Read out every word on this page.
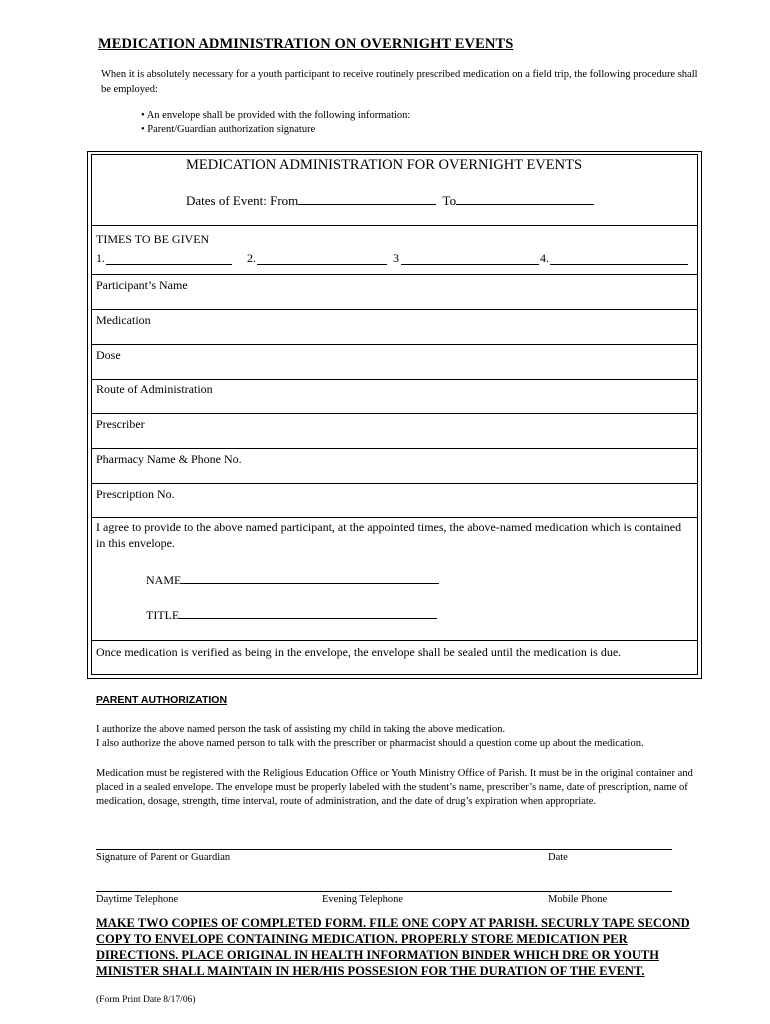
MEDICATION ADMINISTRATION ON OVERNIGHT EVENTS
When it is absolutely necessary for a youth participant to receive routinely prescribed medication on a field trip, the following procedure shall be employed:
• An envelope shall be provided with the following information:
• Parent/Guardian authorization signature
MEDICATION ADMINISTRATION FOR OVERNIGHT EVENTS
Dates of Event: From	To
TIMES TO BE GIVEN
1.	2.	3	4.
Participant’s Name
Medication
Dose
Route of Administration
Prescriber
Pharmacy Name & Phone No.
Prescription No.
I agree to provide to the above named participant, at the appointed times, the above-named medication which is contained in this envelope.
NAME
TITLE
Once medication is verified as being in the envelope, the envelope shall be sealed until the medication is due.
PARENT AUTHORIZATION
I authorize the above named person the task of assisting my child in taking the above medication.
I also authorize the above named person to talk with the prescriber or pharmacist should a question come up about the medication.
Medication must be registered with the Religious Education Office or Youth Ministry Office of Parish. It must be in the original container and placed in a sealed envelope. The envelope must be properly labeled with the student’s name, prescriber’s name, date of prescription, name of medication, dosage, strength, time interval, route of administration, and the date of drug’s expiration when appropriate.
Signature of Parent or Guardian	Date
Daytime Telephone	Evening Telephone	Mobile Phone
MAKE TWO COPIES OF COMPLETED FORM. FILE ONE COPY AT PARISH. SECURLY TAPE SECOND COPY TO ENVELOPE CONTAINING MEDICATION. PROPERLY STORE MEDICATION PER DIRECTIONS. PLACE ORIGINAL IN HEALTH INFORMATION BINDER WHICH DRE OR YOUTH MINISTER SHALL MAINTAIN IN HER/HIS POSSESION FOR THE DURATION OF THE EVENT.
(Form Print Date 8/17/06)
